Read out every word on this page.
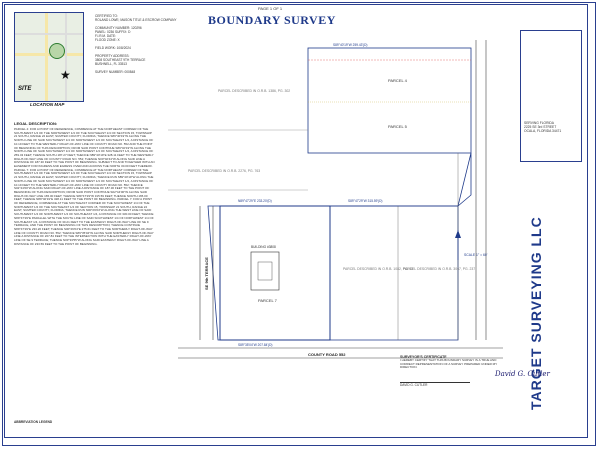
PAGE 1 OF 1
BOUNDARY SURVEY
★
SITE
LOCATION MAP
CERTIFIED TO:
ROLAND LOWE; MASON TITLE & ESCROW COMPANY
COMMUNITY NUMBER: 120296
PANEL: 0236 SUFFIX: D
F.I.R.M. DATE:
FLOOD ZONE: X
FIELD WORK: 10/8/2024
PROPERTY ADDRESS:
3808 SOUTHEAST 9TH TERRACE
BUSHNELL, FL 33513
SURVEY NUMBER: 000848
LEGAL DESCRIPTION:
PARCEL 4: FOR A POINT OF REFERENCE, COMMENCE AT THE NORTHEAST CORNER OF THE SOUTHWEST 1/4 OF THE NORTHWEST 1/4 OF THE SOUTHEAST 1/4 OF SECTION 15, TOWNSHIP 21 SOUTH, RANGE 22 EAST, SUMTER COUNTY, FLORIDA; THENCE S89°40'19"W ALONG THE NORTH LINE OF SAID SOUTHWEST 1/4 OF NORTHWEST 1/4 OF SOUTHEAST 1/4, A DISTANCE OF 10.19 FEET TO THE WESTERLY RIGHT-OF-WAY LINE OF COUNTY ROAD NO. 552 AND THE POINT OF BEGINNING OF THIS DESCRIPTION; FROM SAID POINT CONTINUE S89°40'19"W ALONG THE NORTH LINE OF SAID SOUTHWEST 1/4 OF NORTHWEST 1/4 OF SOUTHEAST 1/4, A DISTANCE OF 259.43 FEET; THENCE SOUTH 187.27 FEET; THENCE N89°40'19"E 328.11 FEET TO THE WESTERLY RIGHT-OF-WAY LINE OF COUNTY ROAD NO. 552; THENCE N00°02'44"W ALONG SAID LINE A DISTANCE OF 187.30 FEET TO THE POINT OF BEGINNING. SUBJECT TO AND TOGETHER WITH AN EASEMENT FOR INGRESS AND EGRESS OVER AND ACROSS THE NORTH 30.00 FEET THEREOF. PARCEL 7: FOR A POINT OF REFERENCE, COMMENCE AT THE NORTHEAST CORNER OF THE SOUTHWEST 1/4 OF THE NORTHWEST 1/4 OF THE SOUTHEAST 1/4 OF SECTION 15, TOWNSHIP 21 SOUTH, RANGE 22 EAST, SUMTER COUNTY, FLORIDA; THENCE RUN S89°40'19"W ALONG THE NORTH LINE OF SAID SOUTHWEST 1/4 OF NORTHWEST 1/4 OF SOUTHEAST 1/4, A DISTANCE OF 10.19 FEET TO THE WESTERLY RIGHT-OF-WAY LINE OF COUNTY ROAD NO. 552; THENCE S02°44'00"W ALONG SAID RIGHT-OF-WAY LINE A DISTANCE OF 187.30 FEET TO THE POINT OF BEGINNING OF THIS DESCRIPTION; FROM SAID POINT CONTINUE S02°44'00"W ALONG SAID RIGHT-OF-WAY LINE 165.00 FEET; THENCE S89°47'29"W 315.59 FEET; THENCE NORTH 165.00 FEET; THENCE N89°40'19"E 328.11 FEET TO THE POINT OF BEGINNING. PARCEL 7: FOR A POINT OF REFERENCE, COMMENCE AT THE SOUTHEAST CORNER OF THE SOUTHWEST 1/4 OF THE NORTHWEST 1/4 OF THE SOUTHEAST 1/4 OF SECTION 15, TOWNSHIP 21 SOUTH, RANGE 22 EAST, SUMTER COUNTY, FLORIDA; THENCE RUN N00°29'04"W ALONG THE WEST LINE OF SAID SOUTHWEST 1/4 OF NORTHWEST 1/4 OF SOUTHEAST 1/4, A DISTANCE OF 330.00 FEET; THENCE N89°47'29"E PARALLEL WITH THE SOUTH LINE OF SAID SOUTHWEST 1/4 OF NORTHWEST 1/4 OF SOUTHEAST 1/4, A DISTANCE OF 30.21 FEET TO THE EASTERLY RIGHT-OF-WAY LINE OF SE 9 TERRACE, AND THE POINT OF BEGINNING OF THIS DESCRIPTION; THENCE CONTINUE N89°47'29"E 233.20 FEET; THENCE S00°29'04"E 275.61 FEET TO THE NORTHERLY RIGHT-OF-WAY LINE OF COUNTY ROAD NO. 552; THENCE S89°35'04"W ALONG SAID NORTHERLY RIGHT-OF-WAY LINE A DISTANCE OF 207.84 FEET TO THE INTERSECTION WITH THE EASTERLY RIGHT-OF-WAY LINE OF SE 9 TERRACE; THENCE N03°33'55"W ALONG SAID EASTERLY RIGHT-OF-WAY LINE A DISTANCE OF 233.59 FEET TO THE POINT OF BEGINNING.
ABBREVIATION LEGEND
PARCEL 4
PARCEL 5
PARCEL 7
PARCEL DESCRIBED IN O.R.B. 1386, PG. 302
PARCEL DESCRIBED IN O.R.B. 2276, PG. 763
PARCEL DESCRIBED IN O.R.B. 1082, PG. 93
PARCEL DESCRIBED IN O.R.B. 3067, PG. 237
BUILDING #3808
S89°40'19"W 259.43'(D)
S89°47'29"W 315.59'(D)
N89°47'29"E 233.20'(D)
S89°35'04"W 207.84'(D)
COUNTY ROAD 552
SE 9th TERRACE
SCALE 1" = 60'
SERVING FLORIDA
2225 SE 3rd STREET
OCALA, FLORIDA 34471
TARGET SURVEYING LLC
SURVEYOR'S CERTIFICATE
I HEREBY CERTIFY THAT THIS BOUNDARY SURVEY IS A TRUE AND CORRECT REPRESENTATION OF A SURVEY PREPARED UNDER MY DIRECTION.
DAVID G. CUTLER
David G. Cutler
